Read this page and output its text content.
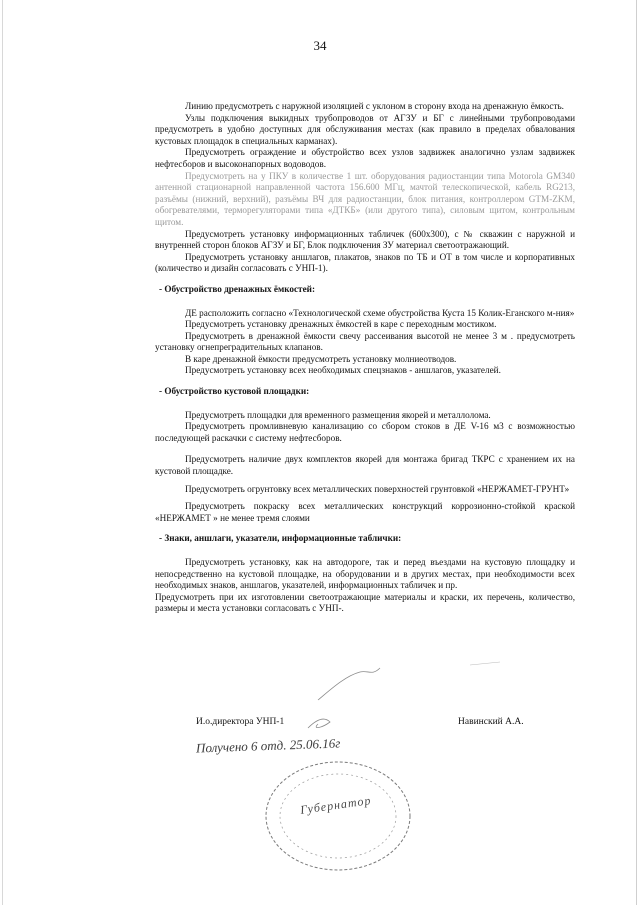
34

Линию предусмотреть с наружной изоляцией с уклоном в сторону входа на дренажную ёмкость.

Узлы подключения выкидных трубопроводов от АГЗУ и БГ с линейными трубопроводами предусмотреть в удобно доступных для обслуживания местах (как правило в пределах обвалования кустовых площадок в специальных карманах).

Предусмотреть ограждение и обустройство всех узлов задвижек аналогично узлам задвижек нефтесборов и высоконапорных водоводов.

Предусмотреть на у ПКУ в количестве 1 шт. оборудования радиостанции типа Motorola GM340 антенной стационарной направленной частота 156.600 МГц, мачтой телескопической, кабель RG213, разъёмы (нижний, верхний), разъёмы ВЧ для радиостанции, блок питания, контроллером GTM-ZKM, обогревателями, терморегуляторами типа «ДТКБ» (или другого типа), силовым щитом, контрольным щитом.

Предусмотреть установку информационных табличек (600х300), с № скважин с наружной и внутренней сторон блоков АГЗУ и БГ, Блок подключения ЗУ материал светоотражающий.

Предусмотреть установку аншлагов, плакатов, знаков по ТБ и ОТ в том числе и корпоративных (количество и дизайн согласовать с УНП-1).

- Обустройство дренажных ёмкостей:

ДЕ расположить согласно «Технологической схеме обустройства Куста 15 Колик-Еганского м-ния»

Предусмотреть установку дренажных ёмкостей в каре с переходным мостиком.

Предусмотреть в дренажной ёмкости свечу рассеивания высотой не менее 3 м . предусмотреть установку огнепреградительных клапанов.

В каре дренажной ёмкости предусмотреть установку молниеотводов.

Предусмотреть установку всех необходимых спецзнаков - аншлагов, указателей.

- Обустройство кустовой площадки:

Предусмотреть площадки для временного размещения якорей и металлолома.

Предусмотреть промливневую канализацию со сбором стоков в ДЕ V-16 м3 с возможностью последующей раскачки с систему нефтесборов.

Предусмотреть наличие двух комплектов якорей для монтажа бригад ТКРС с хранением их на кустовой площадке.

Предусмотреть огрунтовку всех металлических поверхностей грунтовкой «НЕРЖАМЕТ-ГРУНТ»

Предусмотреть покраску всех металлических конструкций коррозионно-стойкой краской «НЕРЖАМЕТ » не менее тремя слоями

- Знаки, аншлаги, указатели, информационные таблички:

Предусмотреть установку, как на автодороге, так и перед въездами на кустовую площадку и непосредственно на кустовой площадке, на оборудовании и в других местах, при необходимости всех необходимых знаков, аншлагов, указателей, информационных табличек и пр.

Предусмотреть при их изготовлении светоотражающие материалы и краски, их перечень, количество, размеры и места установки согласовать с УНП-.

И.о.директора УНП-1	Навинский А.А.
Получено 6 отд. 25.06.16г
Губернатор
